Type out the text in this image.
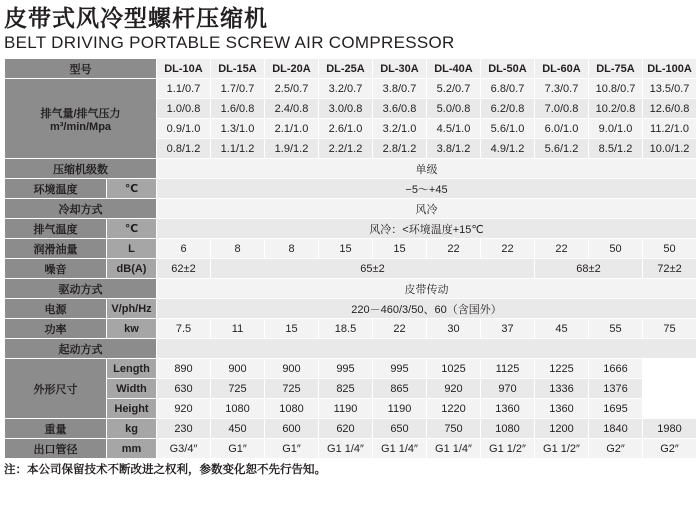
皮带式风冷型螺杆压缩机
BELT DRIVING PORTABLE SCREW AIR COMPRESSOR
型号		DL-10A	DL-15A	DL-20A	DL-25A	DL-30A	DL-40A	DL-50A	DL-60A	DL-75A	DL-100A

排气量/排气压力
m³/min/Mpa		1.1/0.7	1.7/0.7	2.5/0.7	3.2/0.7	3.8/0.7	5.2/0.7	6.8/0.7	7.3/0.7	10.8/0.7	13.5/0.7
		1.0/0.8	1.6/0.8	2.4/0.8	3.0/0.8	3.6/0.8	5.0/0.8	6.2/0.8	7.0/0.8	10.2/0.8	12.6/0.8
		0.9/1.0	1.3/1.0	2.1/1.0	2.6/1.0	3.2/1.0	4.5/1.0	5.6/1.0	6.0/1.0	9.0/1.0	11.2/1.0
		0.8/1.2	1.1/1.2	1.9/1.2	2.2/1.2	2.8/1.2	3.8/1.2	4.9/1.2	5.6/1.2	8.5/1.2	10.0/1.2
压缩机级数		单级									
环境温度	℃	−5～+45									
冷却方式		风冷									
排气温度	℃	风冷：<环境温度+15℃									
润滑油量	L	6	8	8	15	15	22	22	22	50	50
噪音	dB(A)	62±2	65±2						68±2		72±2
驱动方式		皮带传动									
电源	V/ph/Hz	220－460/3/50、60（含国外）									
功率	kw	7.5	11	15	18.5	22	30	37	45	55	75
起动方式											
外形尺寸	Length	890	900	900	995	995	1025	1125	1225	1666	
	Width	630	725	725	825	865	920	970	1336	1376	
	Height	920	1080	1080	1190	1190	1220	1360	1360	1695	
重量	kg	230	450	600	620	650	750	1080	1200	1840	1980
出口管径	mm	G3/4″	G1″	G1″	G1 1/4″	G1 1/4″	G1 1/4″	G1 1/2″	G1 1/2″	G2″	G2″
注：本公司保留技术不断改进之权利，参数变化恕不先行告知。
